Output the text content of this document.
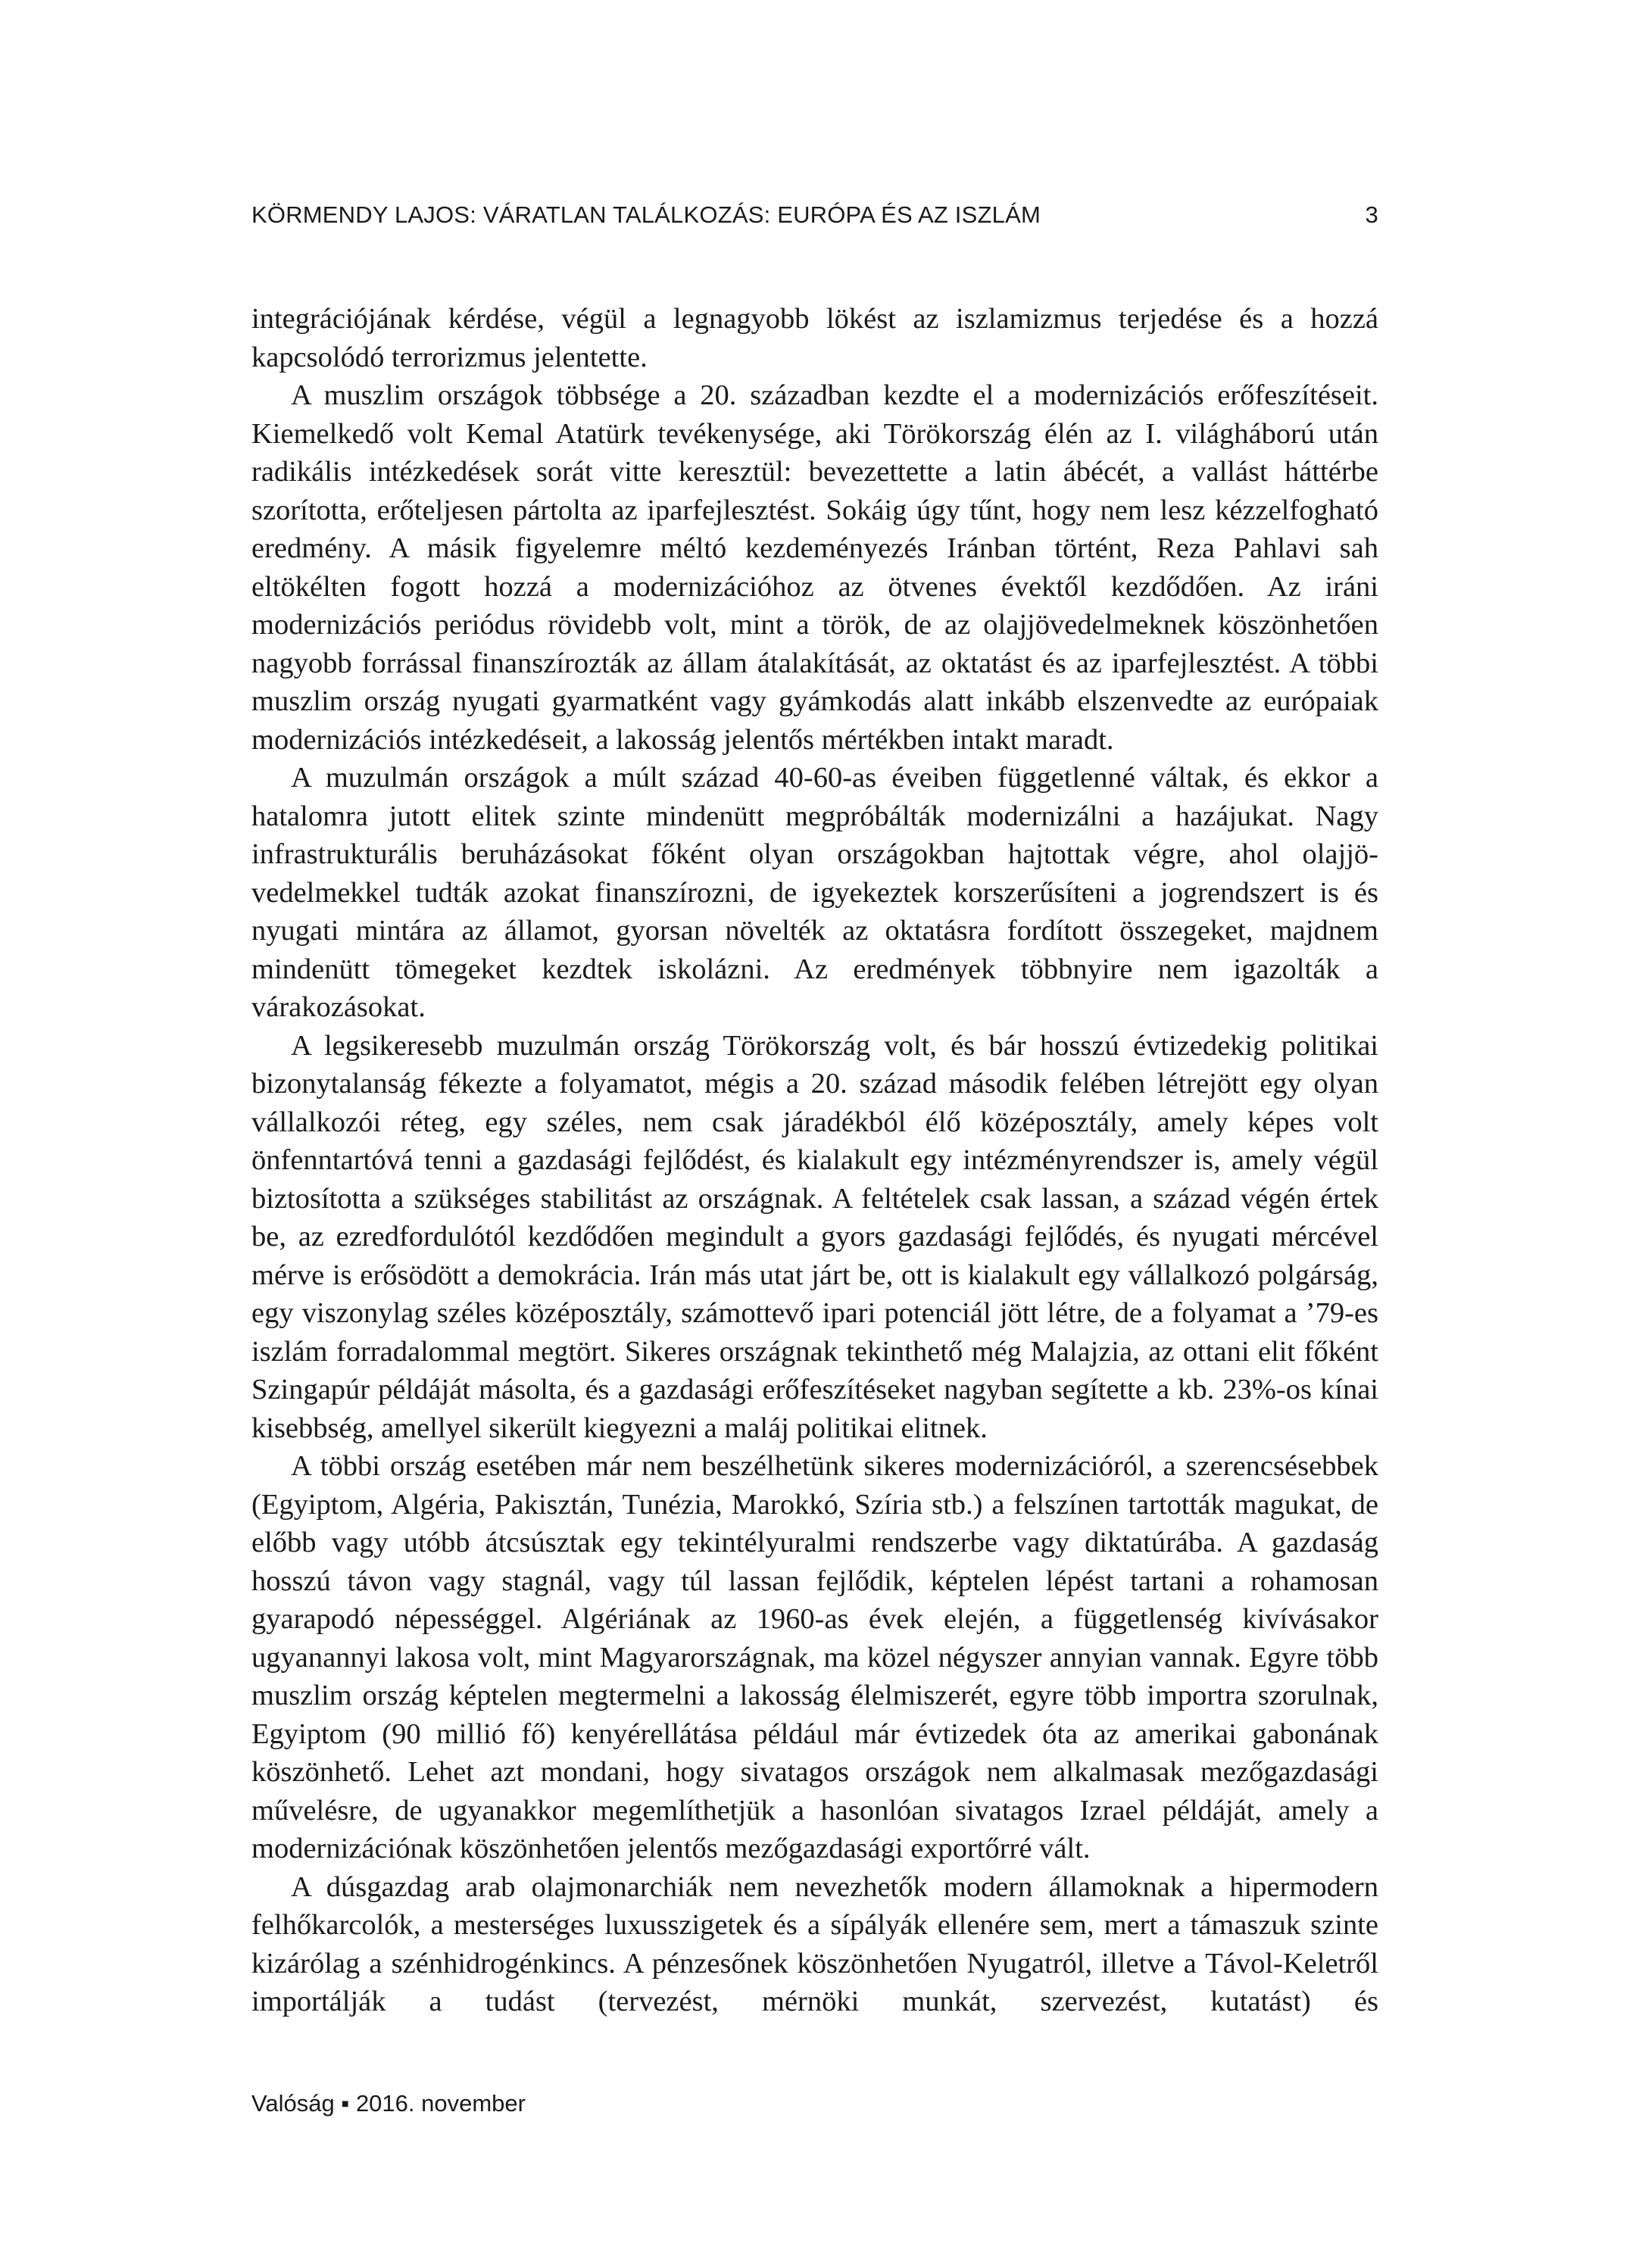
KÖRMENDY LAJOS: VÁRATLAN TALÁLKOZÁS: EURÓPA ÉS AZ ISZLÁM	3

integrációjának kérdése, végül a legnagyobb lökést az iszlamizmus terjedése és a hozzá kapcsolódó terrorizmus jelentette.

A muszlim országok többsége a 20. században kezdte el a modernizációs erőfeszítéseit. Kiemelkedő volt Kemal Atatürk tevékenysége, aki Törökország élén az I. világháború után radikális intézkedések sorát vitte keresztül: bevezettette a latin ábécét, a vallást háttérbe szorította, erőteljesen pártolta az iparfejlesztést. Sokáig úgy tűnt, hogy nem lesz kézzelfogható eredmény. A másik figyelemre méltó kezdeményezés Iránban történt, Reza Pahlavi sah eltökélten fogott hozzá a modernizációhoz az ötvenes évektől kezdődően. Az iráni modernizációs periódus rövidebb volt, mint a török, de az olajjövedelmeknek köszönhetően nagyobb forrással finanszírozták az állam átalakítását, az oktatást és az iparfejlesztést. A többi muszlim ország nyugati gyarmatként vagy gyámkodás alatt inkább elszenvedte az európaiak modernizációs intézkedéseit, a lakosság jelentős mértékben intakt maradt.

A muzulmán országok a múlt század 40-60-as éveiben függetlenné váltak, és ekkor a hatalomra jutott elitek szinte mindenütt megpróbálták modernizálni a hazájukat. Nagy infrastrukturális beruházásokat főként olyan országokban hajtottak végre, ahol olajjövedelmekkel tudták azokat finanszírozni, de igyekeztek korszerűsíteni a jogrendszert is és nyugati mintára az államot, gyorsan növelték az oktatásra fordított összegeket, majdnem mindenütt tömegeket kezdtek iskolázni. Az eredmények többnyire nem igazolták a várakozásokat.

A legsikeresebb muzulmán ország Törökország volt, és bár hosszú évtizedekig politikai bizonytalanság fékezte a folyamatot, mégis a 20. század második felében létrejött egy olyan vállalkozói réteg, egy széles, nem csak járadékból élő középosztály, amely képes volt önfenntartóvá tenni a gazdasági fejlődést, és kialakult egy intézményrendszer is, amely végül biztosította a szükséges stabilitást az országnak. A feltételek csak lassan, a század végén értek be, az ezredfordulótól kezdődően megindult a gyors gazdasági fejlődés, és nyugati mércével mérve is erősödött a demokrácia. Irán más utat járt be, ott is kialakult egy vállalkozó polgárság, egy viszonylag széles középosztály, számottevő ipari potenciál jött létre, de a folyamat a ’79-es iszlám forradalommal megtört. Sikeres országnak tekinthető még Malajzia, az ottani elit főként Szingapúr példáját másolta, és a gazdasági erőfeszítéseket nagyban segítette a kb. 23%-os kínai kisebbség, amellyel sikerült kiegyezni a maláj politikai elitnek.

A többi ország esetében már nem beszélhetünk sikeres modernizációról, a szerencsésebbek (Egyiptom, Algéria, Pakisztán, Tunézia, Marokkó, Szíria stb.) a felszínen tartották magukat, de előbb vagy utóbb átcsúsztak egy tekintélyuralmi rendszerbe vagy diktatúrába. A gazdaság hosszú távon vagy stagnál, vagy túl lassan fejlődik, képtelen lépést tartani a rohamosan gyarapodó népességgel. Algériának az 1960-as évek elején, a függetlenség kivívásakor ugyanannyi lakosa volt, mint Magyarországnak, ma közel négyszer annyian vannak. Egyre több muszlim ország képtelen megtermelni a lakosság élelmiszerét, egyre több importra szorulnak, Egyiptom (90 millió fő) kenyérellátása például már évtizedek óta az amerikai gabonának köszönhető. Lehet azt mondani, hogy sivatagos országok nem alkalmasak mezőgazdasági művelésre, de ugyanakkor megemlíthetjük a hasonlóan sivatagos Izrael példáját, amely a modernizációnak köszönhetően jelentős mezőgazdasági exportőrré vált.

A dúsgazdag arab olajmonarchiák nem nevezhetők modern államoknak a hipermodern felhőkarcolók, a mesterséges luxusszigetek és a sípályák ellenére sem, mert a támaszuk szinte kizárólag a szénhidrogénkincs. A pénzesőnek köszönhetően Nyugatról, illetve a Távol-Keletről importálják a tudást (tervezést, mérnöki munkát, szervezést, kutatást) és

Valóság ▪ 2016. november
